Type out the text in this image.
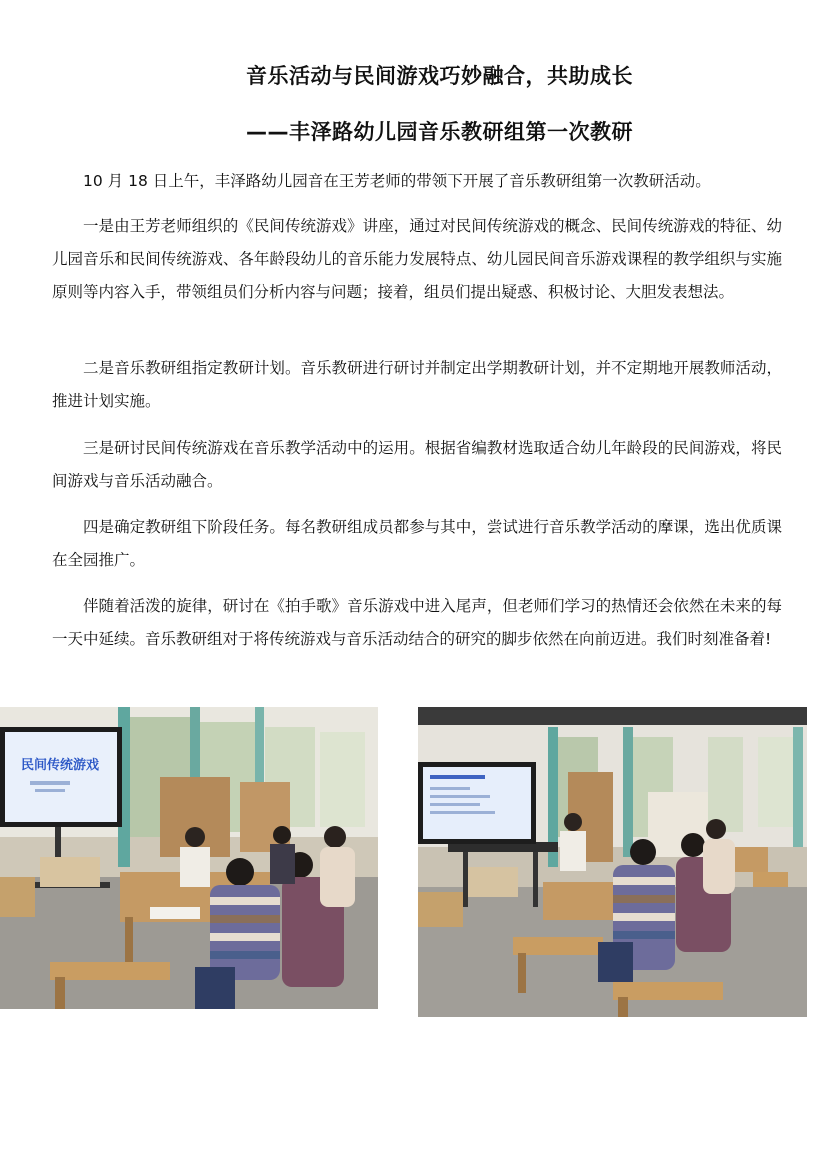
音乐活动与民间游戏巧妙融合，共助成长
——丰泽路幼儿园音乐教研组第一次教研
10 月 18 日上午，丰泽路幼儿园音在王芳老师的带领下开展了音乐教研组第一次教研活动。
一是由王芳老师组织的《民间传统游戏》讲座，通过对民间传统游戏的概念、民间传统游戏的特征、幼儿园音乐和民间传统游戏、各年龄段幼儿的音乐能力发展特点、幼儿园民间音乐游戏课程的教学组织与实施原则等内容入手，带领组员们分析内容与问题；接着，组员们提出疑惑、积极讨论、大胆发表想法。
二是音乐教研组指定教研计划。音乐教研进行研讨并制定出学期教研计划，并不定期地开展教师活动，推进计划实施。
三是研讨民间传统游戏在音乐教学活动中的运用。根据省编教材选取适合幼儿年龄段的民间游戏，将民间游戏与音乐活动融合。
四是确定教研组下阶段任务。每名教研组成员都参与其中，尝试进行音乐教学活动的摩课，选出优质课在全园推广。
伴随着活泼的旋律，研讨在《拍手歌》音乐游戏中进入尾声，但老师们学习的热情还会依然在未来的每一天中延续。音乐教研组对于将传统游戏与音乐活动结合的研究的脚步依然在向前迈进。我们时刻准备着!
民间传统游戏
